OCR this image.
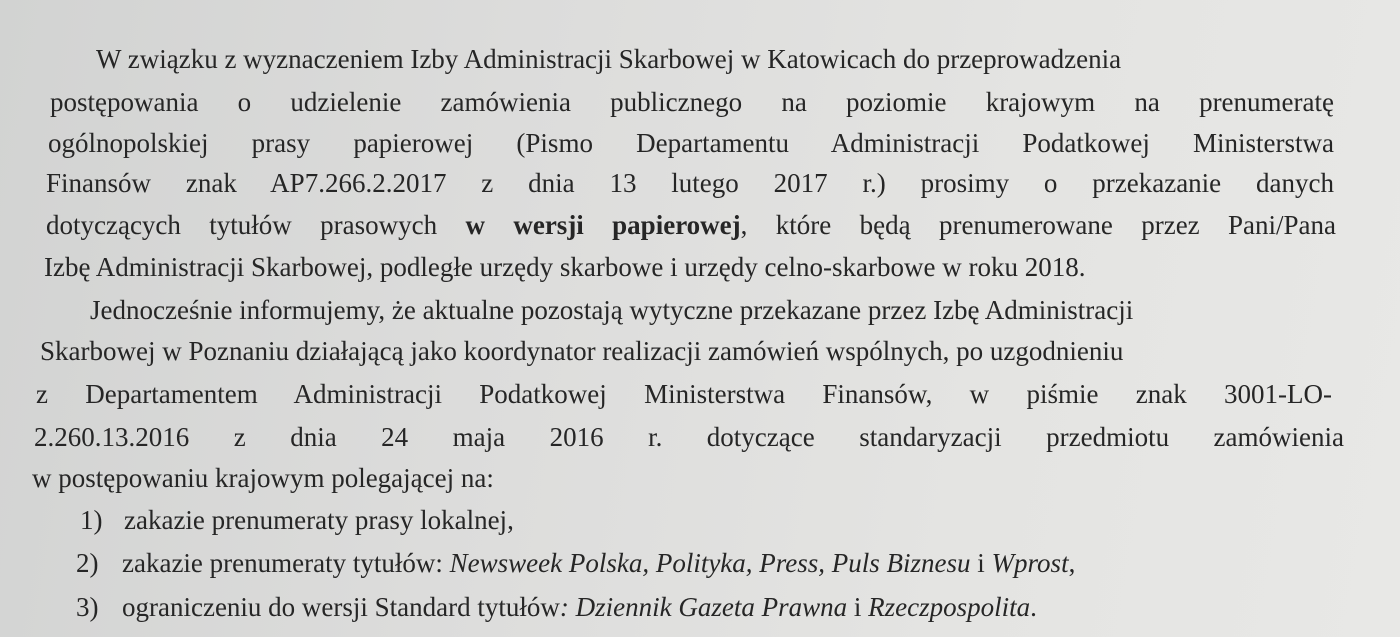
W związku z wyznaczeniem Izby Administracji Skarbowej w Katowicach do przeprowadzenia
postępowania o udzielenie zamówienia publicznego na poziomie krajowym na prenumeratę
ogólnopolskiej prasy papierowej (Pismo Departamentu Administracji Podatkowej Ministerstwa
Finansów znak AP7.266.2.2017 z dnia 13 lutego 2017 r.) prosimy o przekazanie danych
dotyczących tytułów prasowych w wersji papierowej, które będą prenumerowane przez Pani/Pana
Izbę Administracji Skarbowej, podległe urzędy skarbowe i urzędy celno-skarbowe w roku 2018.
Jednocześnie informujemy, że aktualne pozostają wytyczne przekazane przez Izbę Administracji
Skarbowej w Poznaniu działającą jako koordynator realizacji zamówień wspólnych, po uzgodnieniu
z Departamentem Administracji Podatkowej Ministerstwa Finansów, w piśmie znak 3001-LO-
2.260.13.2016 z dnia 24 maja 2016 r. dotyczące standaryzacji przedmiotu zamówienia
w postępowaniu krajowym polegającej na:
1) zakazie prenumeraty prasy lokalnej,
2) zakazie prenumeraty tytułów: Newsweek Polska, Polityka, Press, Puls Biznesu i Wprost,
3) ograniczeniu do wersji Standard tytułów: Dziennik Gazeta Prawna i Rzeczpospolita.
